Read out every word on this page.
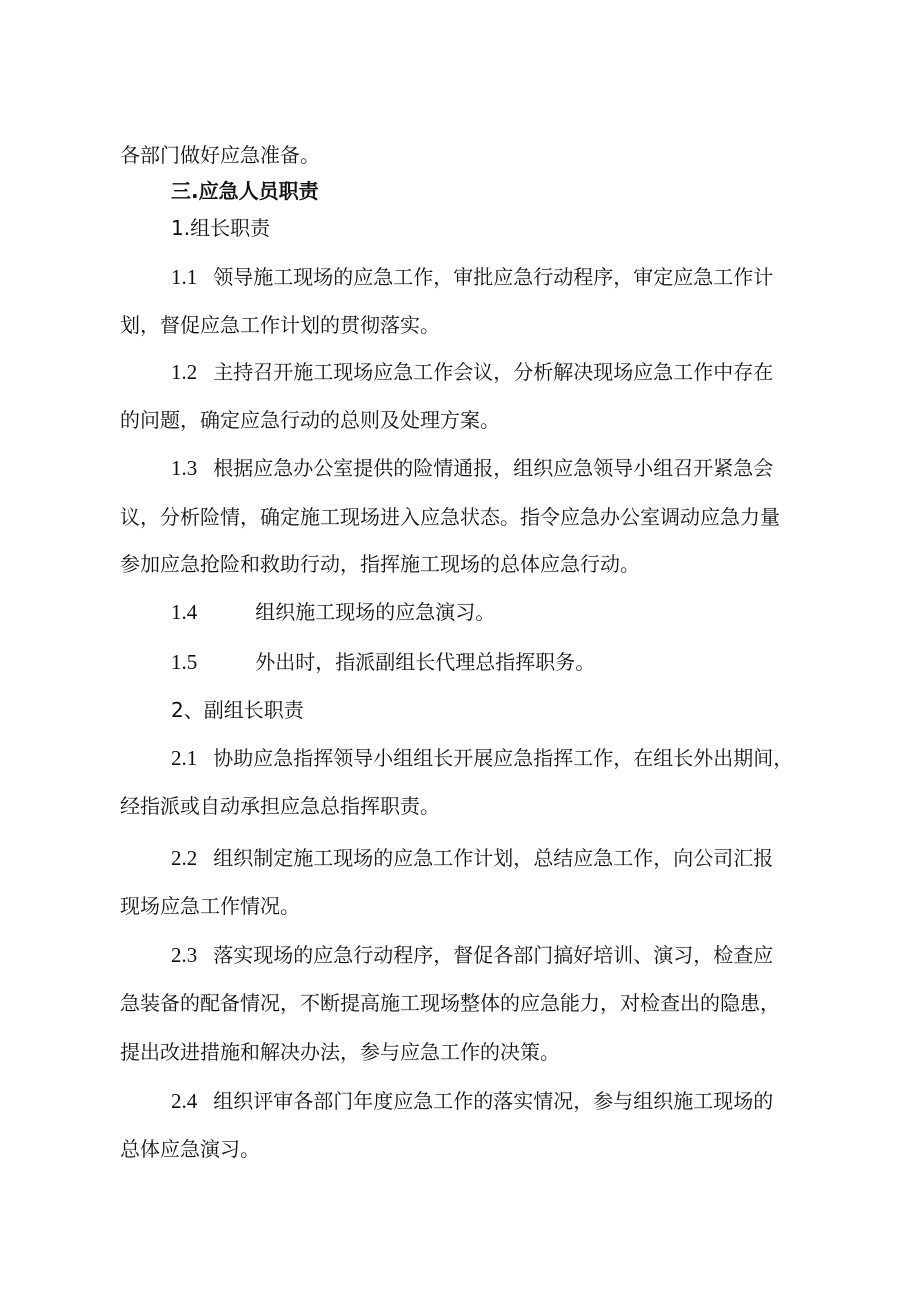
各部门做好应急准备。
三.应急人员职责
1.组长职责
1.1 领导施工现场的应急工作，审批应急行动程序，审定应急工作计
划，督促应急工作计划的贯彻落实。
1.2 主持召开施工现场应急工作会议，分析解决现场应急工作中存在
的问题，确定应急行动的总则及处理方案。
1.3 根据应急办公室提供的险情通报，组织应急领导小组召开紧急会
议，分析险情，确定施工现场进入应急状态。指令应急办公室调动应急力量
参加应急抢险和救助行动，指挥施工现场的总体应急行动。
1.4	组织施工现场的应急演习。
1.5	外出时，指派副组长代理总指挥职务。
2、副组长职责
2.1 协助应急指挥领导小组组长开展应急指挥工作，在组长外出期间，
经指派或自动承担应急总指挥职责。
2.2 组织制定施工现场的应急工作计划，总结应急工作，向公司汇报
现场应急工作情况。
2.3 落实现场的应急行动程序，督促各部门搞好培训、演习，检查应
急装备的配备情况，不断提高施工现场整体的应急能力，对检查出的隐患，
提出改进措施和解决办法，参与应急工作的决策。
2.4 组织评审各部门年度应急工作的落实情况，参与组织施工现场的
总体应急演习。
